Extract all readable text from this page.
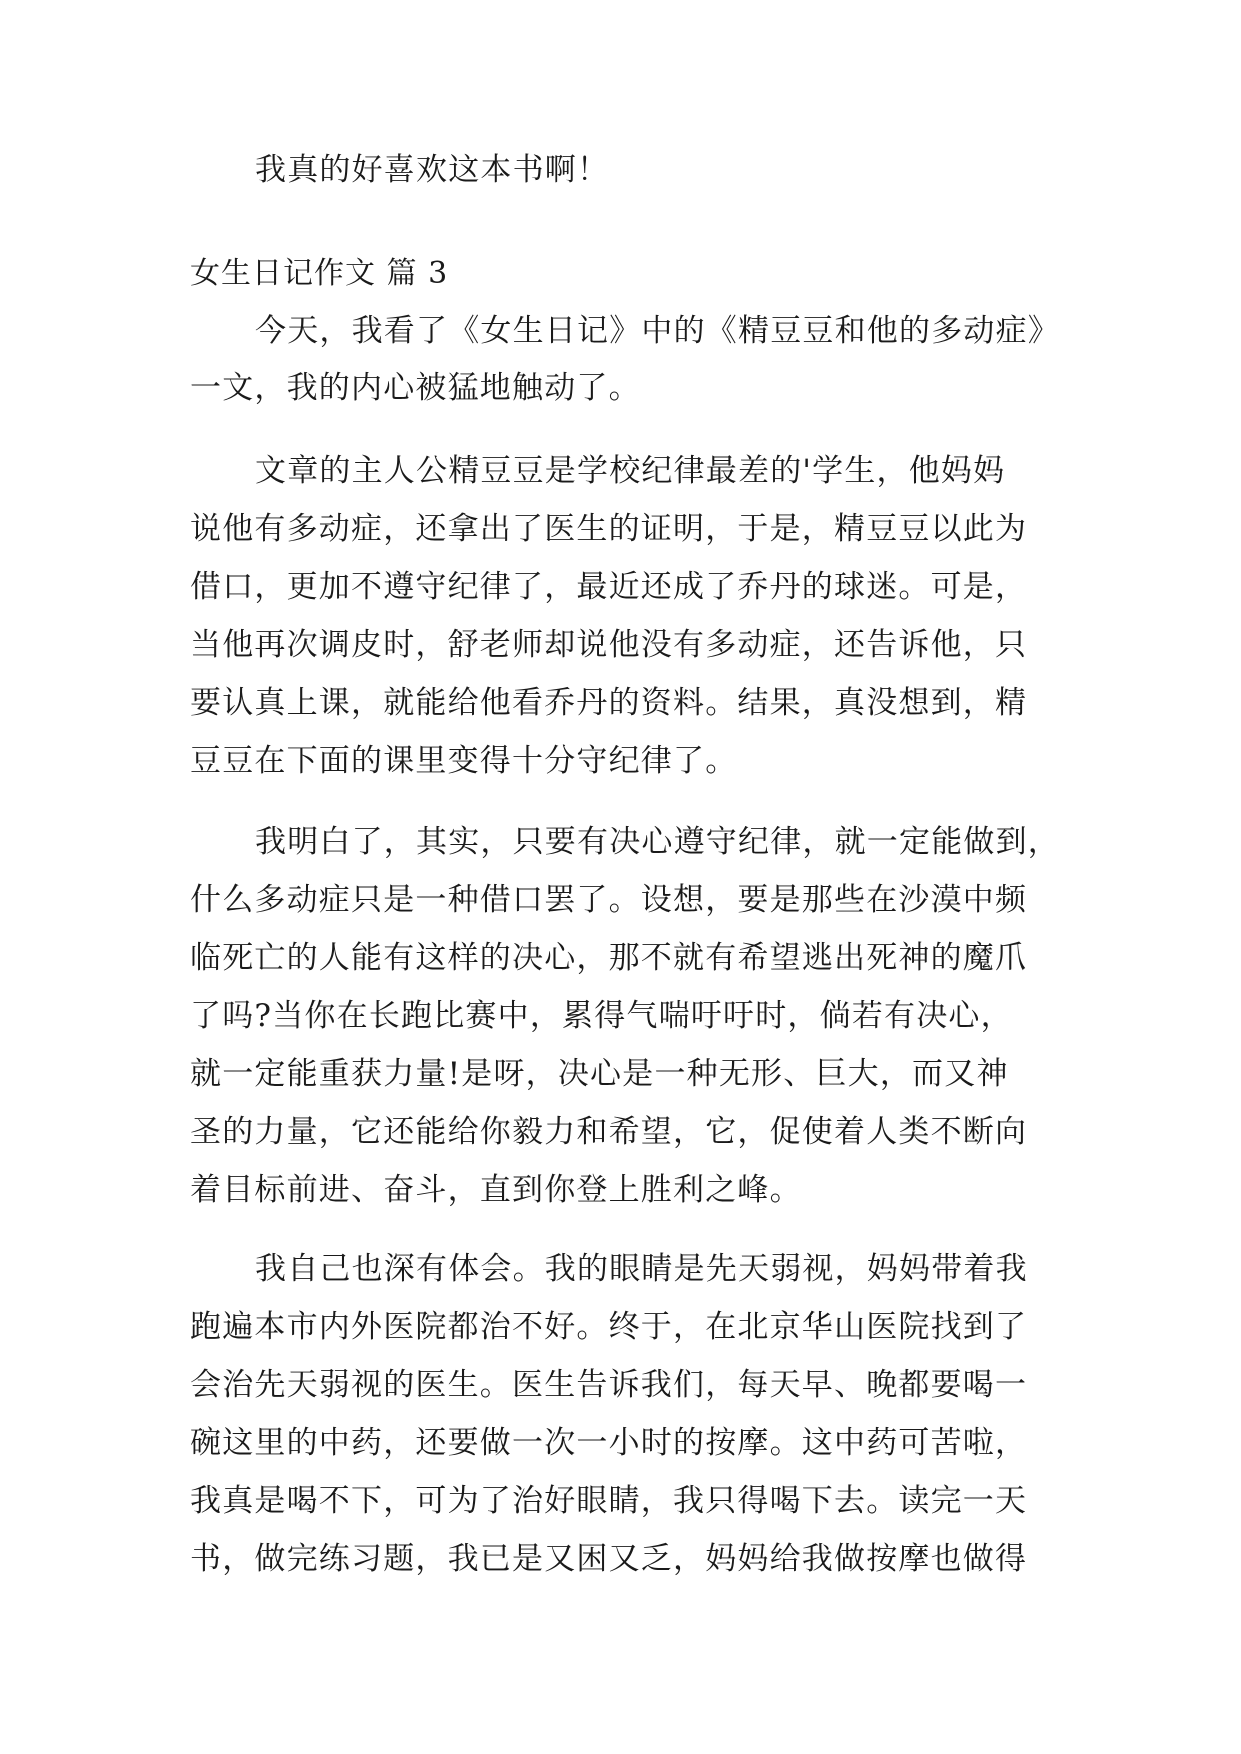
我真的好喜欢这本书啊！
女生日记作文 篇 3
今天，我看了《女生日记》中的《精豆豆和他的多动症》
一文，我的内心被猛地触动了。
文章的主人公精豆豆是学校纪律最差的'学生，他妈妈
说他有多动症，还拿出了医生的证明，于是，精豆豆以此为
借口，更加不遵守纪律了，最近还成了乔丹的球迷。可是，
当他再次调皮时，舒老师却说他没有多动症，还告诉他，只
要认真上课，就能给他看乔丹的资料。结果，真没想到，精
豆豆在下面的课里变得十分守纪律了。
我明白了，其实，只要有决心遵守纪律，就一定能做到，
什么多动症只是一种借口罢了。设想，要是那些在沙漠中频
临死亡的人能有这样的决心，那不就有希望逃出死神的魔爪
了吗?当你在长跑比赛中，累得气喘吁吁时，倘若有决心，
就一定能重获力量!是呀，决心是一种无形、巨大，而又神
圣的力量，它还能给你毅力和希望，它，促使着人类不断向
着目标前进、奋斗，直到你登上胜利之峰。
我自己也深有体会。我的眼睛是先天弱视，妈妈带着我
跑遍本市内外医院都治不好。终于，在北京华山医院找到了
会治先天弱视的医生。医生告诉我们，每天早、晚都要喝一
碗这里的中药，还要做一次一小时的按摩。这中药可苦啦，
我真是喝不下，可为了治好眼睛，我只得喝下去。读完一天
书，做完练习题，我已是又困又乏，妈妈给我做按摩也做得
